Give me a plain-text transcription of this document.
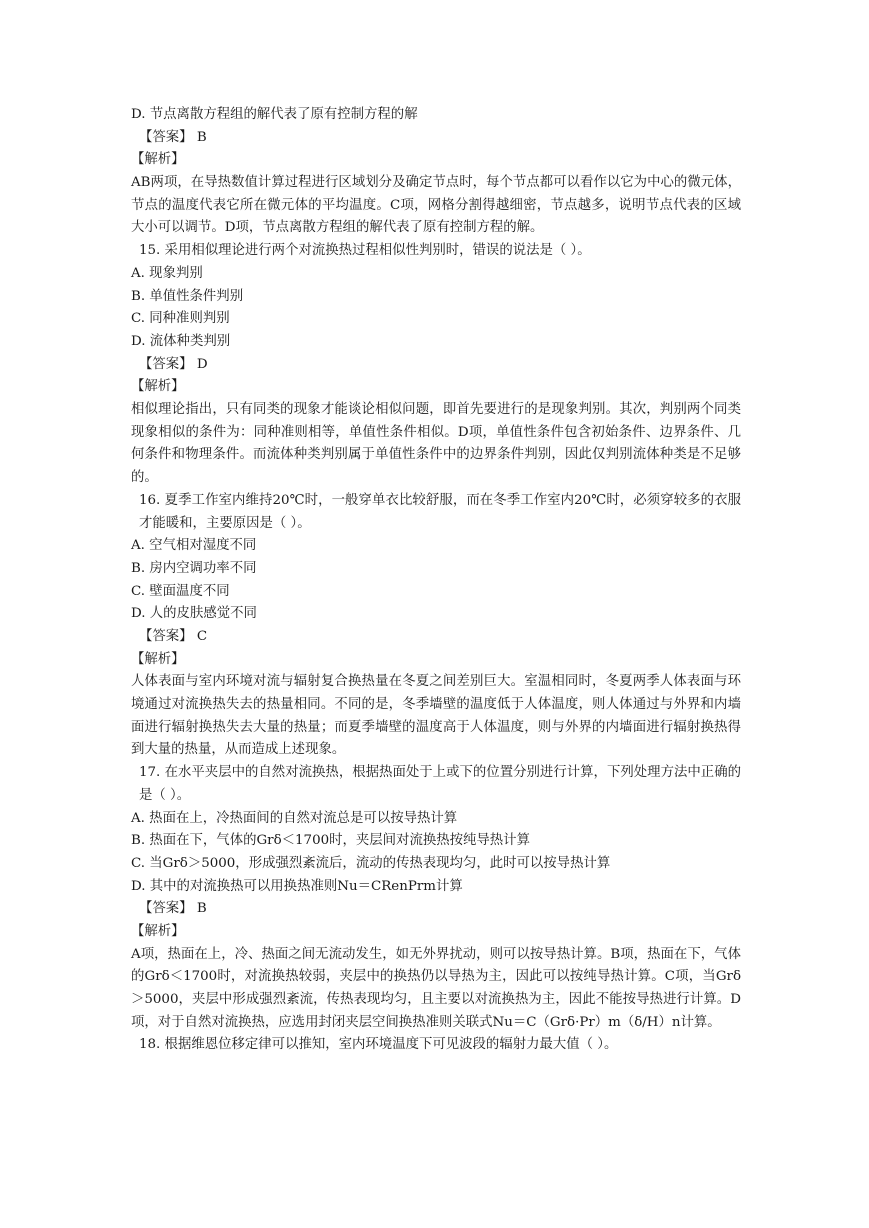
D. 节点离散方程组的解代表了原有控制方程的解
【答案】 B
【解析】
AB两项，在导热数值计算过程进行区域划分及确定节点时，每个节点都可以看作以它为中心的微元体，节点的温度代表它所在微元体的平均温度。C项，网格分割得越细密，节点越多，说明节点代表的区域大小可以调节。D项，节点离散方程组的解代表了原有控制方程的解。
15. 采用相似理论进行两个对流换热过程相似性判别时，错误的说法是（ ）。
A. 现象判别
B. 单值性条件判别
C. 同种准则判别
D. 流体种类判别
【答案】 D
【解析】
相似理论指出，只有同类的现象才能谈论相似问题，即首先要进行的是现象判别。其次，判别两个同类现象相似的条件为：同种准则相等，单值性条件相似。D项，单值性条件包含初始条件、边界条件、几何条件和物理条件。而流体种类判别属于单值性条件中的边界条件判别，因此仅判别流体种类是不足够的。
16. 夏季工作室内维持20℃时，一般穿单衣比较舒服，而在冬季工作室内20℃时，必须穿较多的衣服才能暖和，主要原因是（ ）。
A. 空气相对湿度不同
B. 房内空调功率不同
C. 壁面温度不同
D. 人的皮肤感觉不同
【答案】 C
【解析】
人体表面与室内环境对流与辐射复合换热量在冬夏之间差别巨大。室温相同时，冬夏两季人体表面与环境通过对流换热失去的热量相同。不同的是，冬季墙壁的温度低于人体温度，则人体通过与外界和内墙面进行辐射换热失去大量的热量；而夏季墙壁的温度高于人体温度，则与外界的内墙面进行辐射换热得到大量的热量，从而造成上述现象。
17. 在水平夹层中的自然对流换热，根据热面处于上或下的位置分别进行计算，下列处理方法中正确的是（ ）。
A. 热面在上，冷热面间的自然对流总是可以按导热计算
B. 热面在下，气体的Grδ＜1700时，夹层间对流换热按纯导热计算
C. 当Grδ＞5000，形成强烈紊流后，流动的传热表现均匀，此时可以按导热计算
D. 其中的对流换热可以用换热准则Nu＝CRenPrm计算
【答案】 B
【解析】
A项，热面在上，冷、热面之间无流动发生，如无外界扰动，则可以按导热计算。B项，热面在下，气体的Grδ＜1700时，对流换热较弱，夹层中的换热仍以导热为主，因此可以按纯导热计算。C项，当Grδ＞5000，夹层中形成强烈紊流，传热表现均匀，且主要以对流换热为主，因此不能按导热进行计算。D项，对于自然对流换热，应选用封闭夹层空间换热准则关联式Nu＝C（Grδ·Pr）m（δ/H）n计算。
18. 根据维恩位移定律可以推知，室内环境温度下可见波段的辐射力最大值（ ）。
